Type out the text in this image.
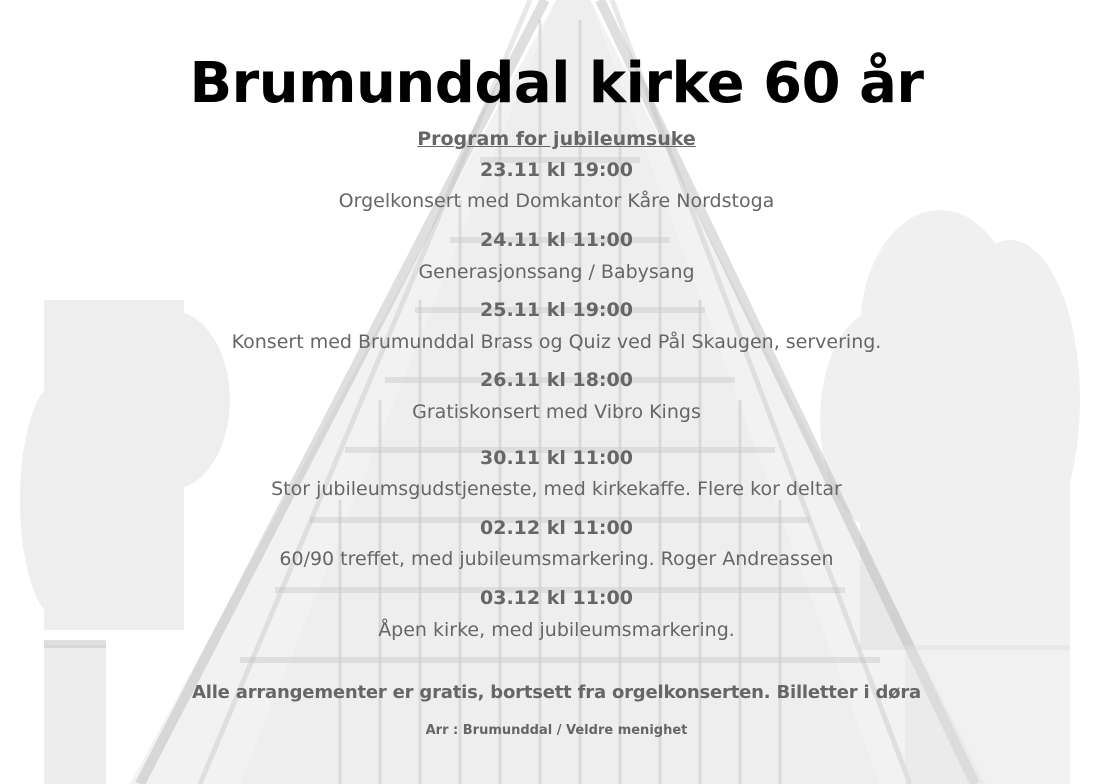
Brumunddal kirke 60 år
Program for jubileumsuke
23.11 kl 19:00
Orgelkonsert med Domkantor Kåre Nordstoga
24.11 kl 11:00
Generasjonssang / Babysang
25.11 kl 19:00
Konsert med Brumunddal Brass og Quiz ved Pål Skaugen, servering.
26.11 kl 18:00
Gratiskonsert med Vibro Kings
30.11 kl 11:00
Stor jubileumsgudstjeneste, med kirkekaffe. Flere kor deltar
02.12 kl 11:00
60/90 treffet, med jubileumsmarkering. Roger Andreassen
03.12 kl 11:00
Åpen kirke, med jubileumsmarkering.
Alle arrangementer er gratis, bortsett fra orgelkonserten. Billetter i døra
Arr : Brumunddal / Veldre menighet
